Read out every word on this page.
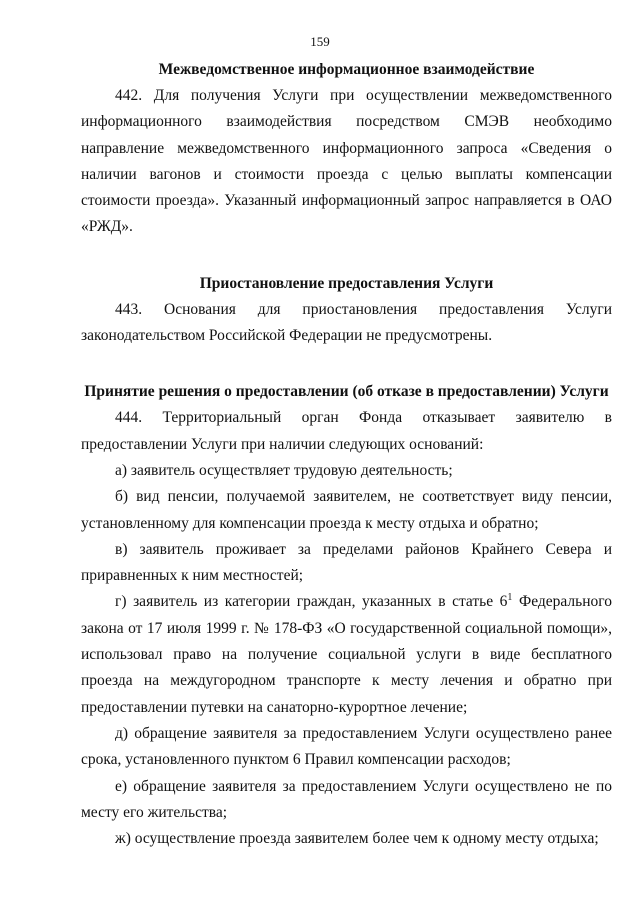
159
Межведомственное информационное взаимодействие

442. Для получения Услуги при осуществлении межведомственного информационного взаимодействия посредством СМЭВ необходимо направление межведомственного информационного запроса «Сведения о наличии вагонов и стоимости проезда с целью выплаты компенсации стоимости проезда». Указанный информационный запрос направляется в ОАО «РЖД».

Приостановление предоставления Услуги

443. Основания для приостановления предоставления Услуги законодательством Российской Федерации не предусмотрены.

Принятие решения о предоставлении (об отказе в предоставлении) Услуги

444. Территориальный орган Фонда отказывает заявителю в предоставлении Услуги при наличии следующих оснований:

а) заявитель осуществляет трудовую деятельность;

б) вид пенсии, получаемой заявителем, не соответствует виду пенсии, установленному для компенсации проезда к месту отдыха и обратно;

в) заявитель проживает за пределами районов Крайнего Севера и приравненных к ним местностей;

г) заявитель из категории граждан, указанных в статье $6^1$ Федерального закона от 17 июля 1999 г. № 178-ФЗ «О государственной социальной помощи», использовал право на получение социальной услуги в виде бесплатного проезда на междугородном транспорте к месту лечения и обратно при предоставлении путевки на санаторно-курортное лечение;

д) обращение заявителя за предоставлением Услуги осуществлено ранее срока, установленного пунктом 6 Правил компенсации расходов;

е) обращение заявителя за предоставлением Услуги осуществлено не по месту его жительства;

ж) осуществление проезда заявителем более чем к одному месту отдыха;
